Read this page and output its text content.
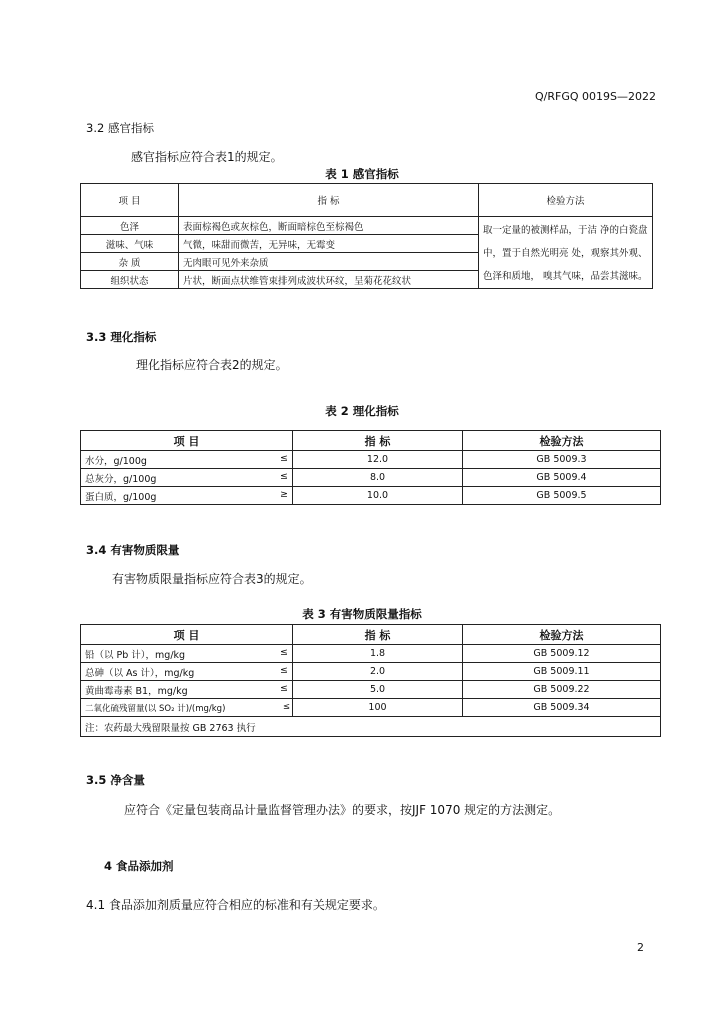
Q/RFGQ 0019S—2022
3.2 感官指标
感官指标应符合表1的规定。
表 1 感官指标
项 目	指 标	检验方法
色泽	表面棕褐色或灰棕色，断面暗棕色至棕褐色	取一定量的被测样品，于洁 净的白瓷盘中，置于自然光明亮 处，观察其外观、色泽和质地， 嗅其气味，品尝其滋味。
滋味、气味	气微，味甜而微苦，无异味，无霉变	
杂 质	无肉眼可见外来杂质	
组织状态	片状，断面点状维管束排列成波状环纹，呈菊花花纹状	
3.3 理化指标
理化指标应符合表2的规定。
表 2 理化指标
项 目	指 标	检验方法
水分，g/100g ≤	12.0	GB 5009.3
总灰分，g/100g ≤	8.0	GB 5009.4
蛋白质，g/100g ≥	10.0	GB 5009.5
3.4 有害物质限量
有害物质限量指标应符合表3的规定。
表 3 有害物质限量指标
项 目	指 标	检验方法
铅（以 Pb 计），mg/kg ≤	1.8	GB 5009.12
总砷（以 As 计），mg/kg ≤	2.0	GB 5009.11
黄曲霉毒素 B1，mg/kg ≤	5.0	GB 5009.22
二氧化硫残留量(以 SO₂ 计)/(mg/kg) ≤	100	GB 5009.34
注：农药最大残留限量按 GB 2763 执行		
3.5 净含量
应符合《定量包装商品计量监督管理办法》的要求，按JJF 1070 规定的方法测定。
4 食品添加剂
4.1 食品添加剂质量应符合相应的标准和有关规定要求。
2
